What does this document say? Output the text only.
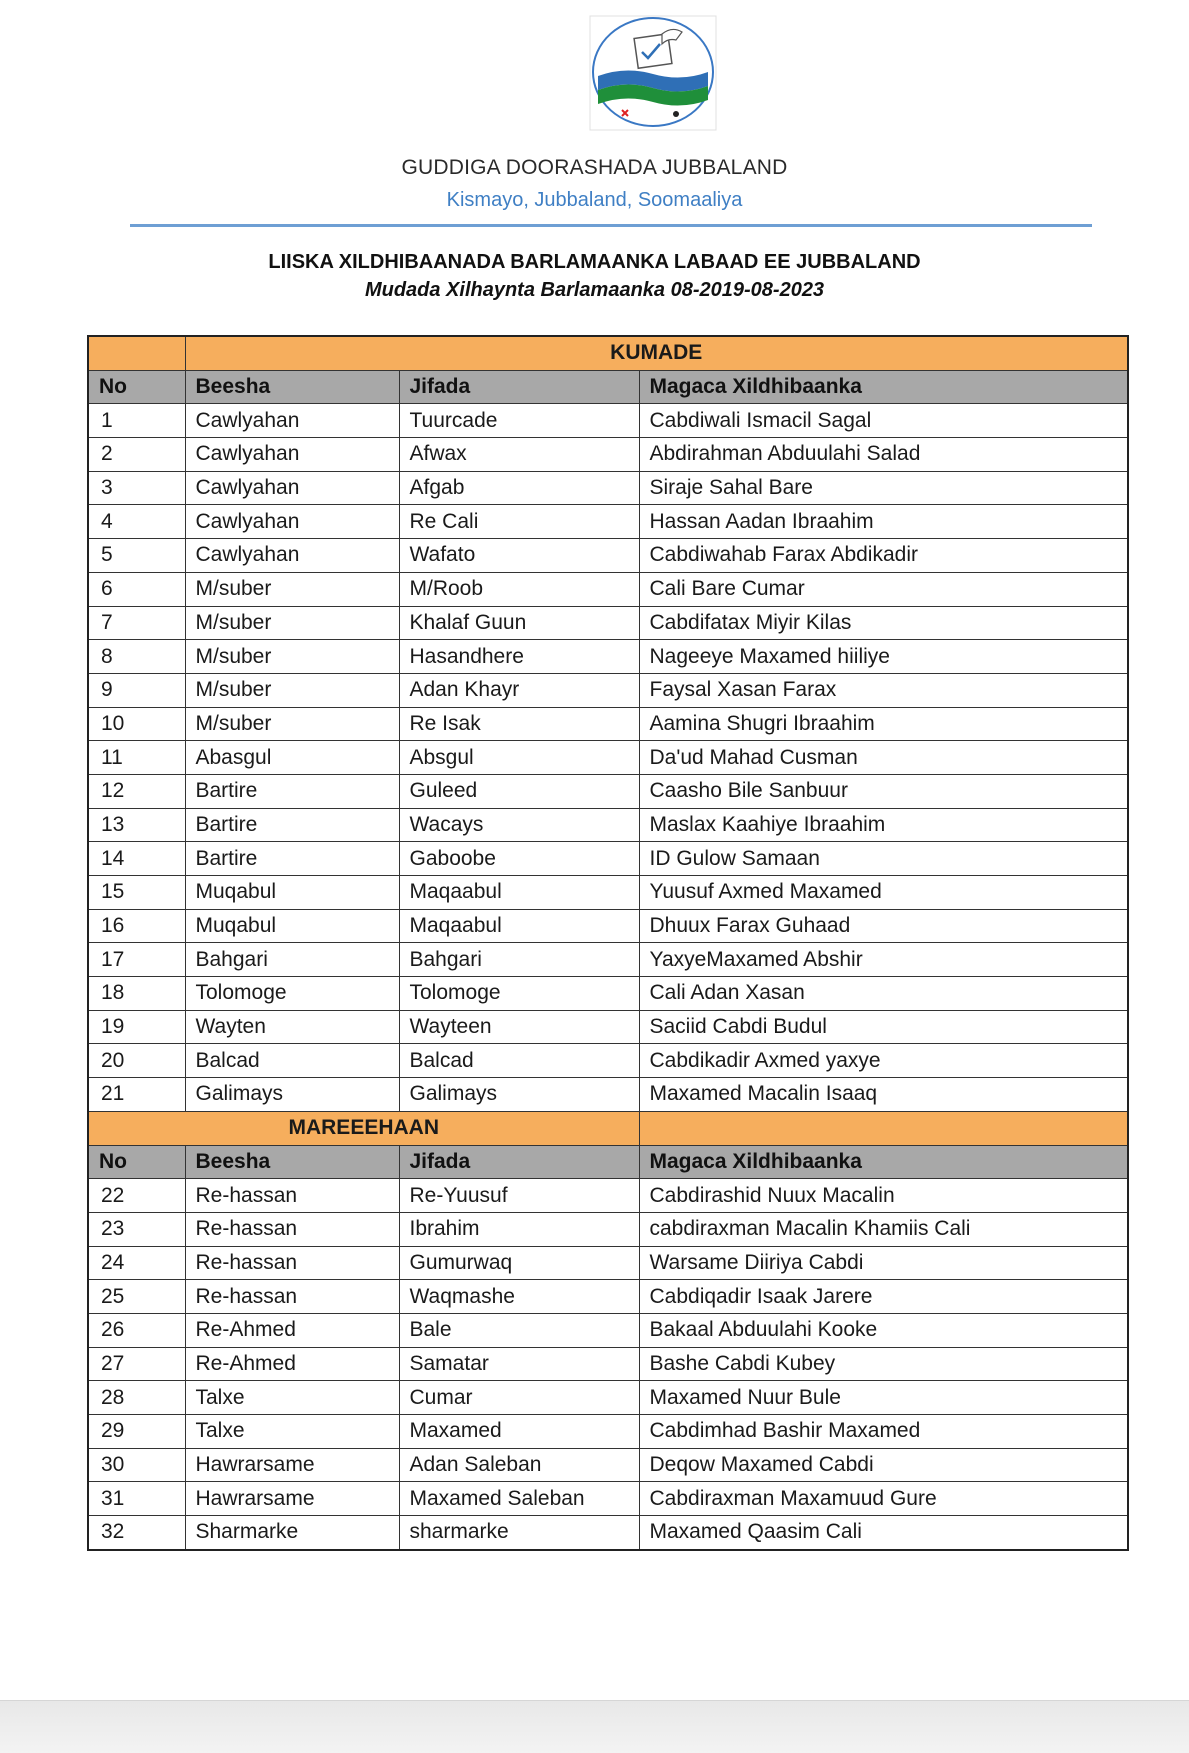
GUDDIGA DOORASHADA JUBBALAND
Kismayo, Jubbaland, Soomaaliya
LIISKA XILDHIBAANADA BARLAMAANKA LABAAD EE JUBBALAND
Mudada Xilhaynta Barlamaanka 08-2019-08-2023
	KUMADE		
No	Beesha	Jifada	Magaca Xildhibaanka
1	Cawlyahan	Tuurcade	Cabdiwali Ismacil Sagal
2	Cawlyahan	Afwax	Abdirahman Abduulahi Salad
3	Cawlyahan	Afgab	Siraje Sahal Bare
4	Cawlyahan	Re Cali	Hassan Aadan Ibraahim
5	Cawlyahan	Wafato	Cabdiwahab Farax Abdikadir
6	M/suber	M/Roob	Cali Bare Cumar
7	M/suber	Khalaf Guun	Cabdifatax Miyir Kilas
8	M/suber	Hasandhere	Nageeye Maxamed hiiliye
9	M/suber	Adan Khayr	Faysal Xasan Farax
10	M/suber	Re Isak	Aamina Shugri Ibraahim
11	Abasgul	Absgul	Da'ud Mahad Cusman
12	Bartire	Guleed	Caasho Bile Sanbuur
13	Bartire	Wacays	Maslax Kaahiye Ibraahim
14	Bartire	Gaboobe	ID Gulow Samaan
15	Muqabul	Maqaabul	Yuusuf Axmed Maxamed
16	Muqabul	Maqaabul	Dhuux Farax Guhaad
17	Bahgari	Bahgari	YaxyeMaxamed Abshir
18	Tolomoge	Tolomoge	Cali Adan Xasan
19	Wayten	Wayteen	Saciid Cabdi Budul
20	Balcad	Balcad	Cabdikadir Axmed yaxye
21	Galimays	Galimays	Maxamed Macalin Isaaq
MAREEEHAAN			
No	Beesha	Jifada	Magaca Xildhibaanka
22	Re-hassan	Re-Yuusuf	Cabdirashid Nuux Macalin
23	Re-hassan	Ibrahim	cabdiraxman Macalin Khamiis Cali
24	Re-hassan	Gumurwaq	Warsame Diiriya Cabdi
25	Re-hassan	Waqmashe	Cabdiqadir Isaak Jarere
26	Re-Ahmed	Bale	Bakaal Abduulahi Kooke
27	Re-Ahmed	Samatar	Bashe Cabdi Kubey
28	Talxe	Cumar	Maxamed Nuur Bule
29	Talxe	Maxamed	Cabdimhad Bashir Maxamed
30	Hawrarsame	Adan Saleban	Deqow Maxamed Cabdi
31	Hawrarsame	Maxamed Saleban	Cabdiraxman Maxamuud Gure
32	Sharmarke	sharmarke	Maxamed Qaasim Cali
